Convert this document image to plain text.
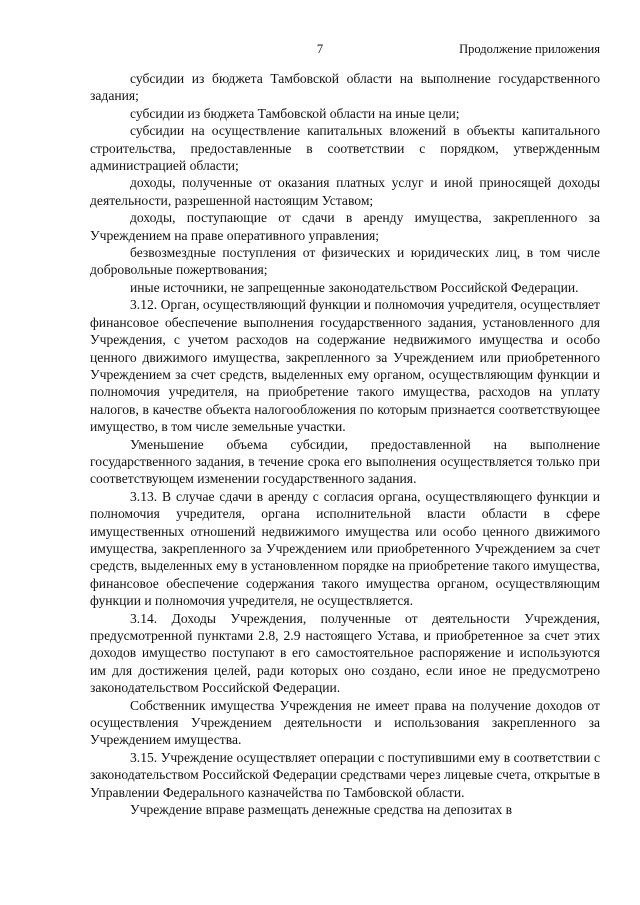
7	Продолжение приложения

субсидии из бюджета Тамбовской области на выполнение государственного задания;

субсидии из бюджета Тамбовской области на иные цели;

субсидии на осуществление капитальных вложений в объекты капитального строительства, предоставленные в соответствии с порядком, утвержденным администрацией области;

доходы, полученные от оказания платных услуг и иной приносящей доходы деятельности, разрешенной настоящим Уставом;

доходы, поступающие от сдачи в аренду имущества, закрепленного за Учреждением на праве оперативного управления;

безвозмездные поступления от физических и юридических лиц, в том числе добровольные пожертвования;

иные источники, не запрещенные законодательством Российской Федерации.

3.12. Орган, осуществляющий функции и полномочия учредителя, осуществляет финансовое обеспечение выполнения государственного задания, установленного для Учреждения, с учетом расходов на содержание недвижимого имущества и особо ценного движимого имущества, закрепленного за Учреждением или приобретенного Учреждением за счет средств, выделенных ему органом, осуществляющим функции и полномочия учредителя, на приобретение такого имущества, расходов на уплату налогов, в качестве объекта налогообложения по которым признается соответствующее имущество, в том числе земельные участки.

Уменьшение объема субсидии, предоставленной на выполнение государственного задания, в течение срока его выполнения осуществляется только при соответствующем изменении государственного задания.

3.13. В случае сдачи в аренду с согласия органа, осуществляющего функции и полномочия учредителя, органа исполнительной власти области в сфере имущественных отношений недвижимого имущества или особо ценного движимого имущества, закрепленного за Учреждением или приобретенного Учреждением за счет средств, выделенных ему в установленном порядке на приобретение такого имущества, финансовое обеспечение содержания такого имущества органом, осуществляющим функции и полномочия учредителя, не осуществляется.

3.14. Доходы Учреждения, полученные от деятельности Учреждения, предусмотренной пунктами 2.8, 2.9 настоящего Устава, и приобретенное за счет этих доходов имущество поступают в его самостоятельное распоряжение и используются им для достижения целей, ради которых оно создано, если иное не предусмотрено законодательством Российской Федерации.

Собственник имущества Учреждения не имеет права на получение доходов от осуществления Учреждением деятельности и использования закрепленного за Учреждением имущества.

3.15. Учреждение осуществляет операции с поступившими ему в соответствии с законодательством Российской Федерации средствами через лицевые счета, открытые в Управлении Федерального казначейства по Тамбовской области.

Учреждение вправе размещать денежные средства на депозитах в
